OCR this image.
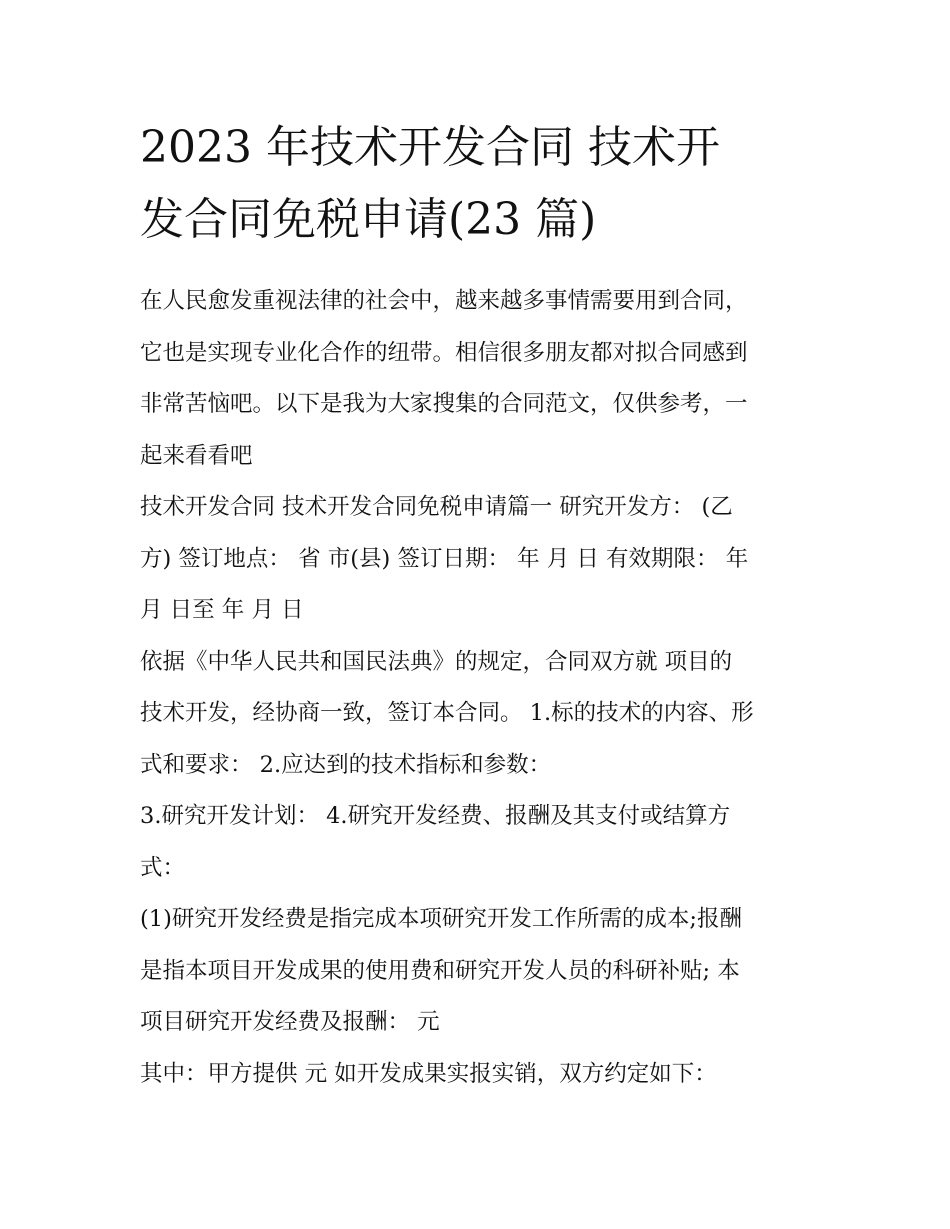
2023 年技术开发合同 技术开
发合同免税申请(23 篇)

在人民愈发重视法律的社会中，越来越多事情需要用到合同，
它也是实现专业化合作的纽带。相信很多朋友都对拟合同感到
非常苦恼吧。以下是我为大家搜集的合同范文，仅供参考，一
起来看看吧

技术开发合同 技术开发合同免税申请篇一 研究开发方： (乙
方) 签订地点： 省 市(县) 签订日期： 年 月 日 有效期限： 年
月 日至 年 月 日

依据《中华人民共和国民法典》的规定，合同双方就 项目的
技术开发，经协商一致，签订本合同。 1.标的技术的内容、形
式和要求： 2.应达到的技术指标和参数：

3.研究开发计划： 4.研究开发经费、报酬及其支付或结算方
式：

(1)研究开发经费是指完成本项研究开发工作所需的成本;报酬
是指本项目开发成果的使用费和研究开发人员的科研补贴; 本
项目研究开发经费及报酬： 元

其中：甲方提供 元 如开发成果实报实销，双方约定如下：
